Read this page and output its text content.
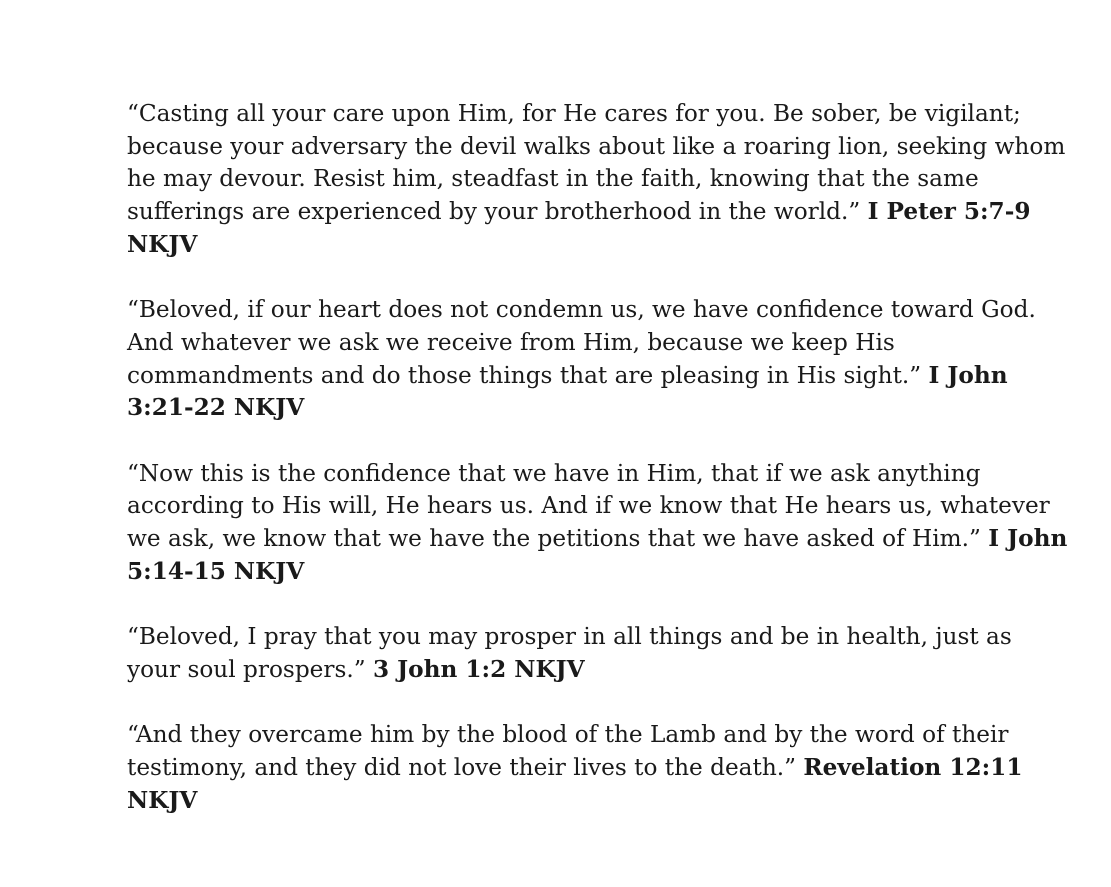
“Casting all your care upon Him, for He cares for you. Be sober, be vigilant; because your adversary the devil walks about like a roaring lion, seeking whom he may devour. Resist him, steadfast in the faith, knowing that the same sufferings are experienced by your brotherhood in the world.” I Peter 5:7-9 NKJV

“Beloved, if our heart does not condemn us, we have confidence toward God. And whatever we ask we receive from Him, because we keep His commandments and do those things that are pleasing in His sight.” I John 3:21-22 NKJV

“Now this is the confidence that we have in Him, that if we ask anything according to His will, He hears us. And if we know that He hears us, whatever we ask, we know that we have the petitions that we have asked of Him.” I John 5:14-15 NKJV

“Beloved, I pray that you may prosper in all things and be in health, just as your soul prospers.” 3 John 1:2 NKJV

“And they overcame him by the blood of the Lamb and by the word of their testimony, and they did not love their lives to the death.” Revelation 12:11 NKJV
